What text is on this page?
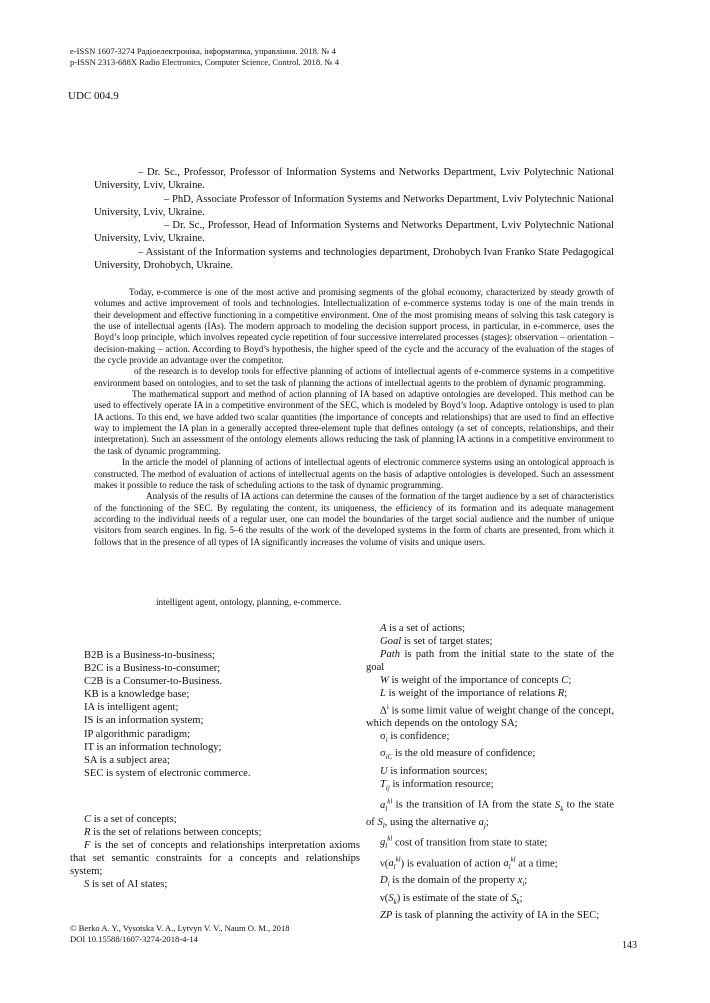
e-ISSN 1607-3274 Радіоелектроніка, інформатика, управління. 2018. № 4
p-ISSN 2313-688X Radio Electronics, Computer Science, Control. 2018. № 4
UDC 004.9

– Dr. Sc., Professor, Professor of Information Systems and Networks Department, Lviv Polytechnic National University, Lviv, Ukraine.

– PhD, Associate Professor of Information Systems and Networks Department, Lviv Polytechnic National University, Lviv, Ukraine.

– Dr. Sc., Professor, Head of Information Systems and Networks Department, Lviv Polytechnic National University, Lviv, Ukraine.

– Assistant of the Information systems and technologies department, Drohobych Ivan Franko State Pedagogical University, Drohobych, Ukraine.

Today, e-commerce is one of the most active and promising segments of the global economy, characterized by steady growth of volumes and active improvement of tools and technologies. Intellectualization of e-commerce systems today is one of the main trends in their development and effective functioning in a competitive environment. One of the most promising means of solving this task category is the use of intellectual agents (IAs). The modern approach to modeling the decision support process, in particular, in e-commerce, uses the Boyd’s loop principle, which involves repeated cycle repetition of four successive interrelated processes (stages): observation – orientation – decision-making – action. According to Boyd’s hypothesis, the higher speed of the cycle and the accuracy of the evaluation of the stages of the cycle provide an advantage over the competitor.

of the research is to develop tools for effective planning of actions of intellectual agents of e-commerce systems in a competitive environment based on ontologies, and to set the task of planning the actions of intellectual agents to the problem of dynamic programming.

The mathematical support and method of action planning of IA based on adaptive ontologies are developed. This method can be used to effectively operate IA in a competitive environment of the SEC, which is modeled by Boyd’s loop. Adaptive ontology is used to plan IA actions. To this end, we have added two scalar quantities (the importance of concepts and relationships) that are used to find an effective way to implement the IA plan in a generally accepted three-element tuple that defines ontology (a set of concepts, relationships, and their interpretation). Such an assessment of the ontology elements allows reducing the task of planning IA actions in a competitive environment to the task of dynamic programming.

In the article the model of planning of actions of intellectual agents of electronic commerce systems using an ontological approach is constructed. The method of evaluation of actions of intellectual agents on the basis of adaptive ontologies is developed. Such an assessment makes it possible to reduce the task of scheduling actions to the task of dynamic programming.

Analysis of the results of IA actions can determine the causes of the formation of the target audience by a set of characteristics of the functioning of the SEC. By regulating the content, its uniqueness, the efficiency of its formation and its adequate management according to the individual needs of a regular user, one can model the boundaries of the target social audience and the number of unique visitors from search engines. In fig. 5–6 the results of the work of the developed systems in the form of charts are presented, from which it follows that in the presence of all types of IA significantly increases the volume of visits and unique users.

intelligent agent, ontology, planning, e-commerce.

B2B is a Business-to-business;

B2C is a Business-to-consumer;

C2B is a Consumer-to-Business.

KB is a knowledge base;

IA is intelligent agent;

IS is an information system;

IP algorithmic paradigm;

IT is an information technology;

SA is a subject area;

SEC is system of electronic commerce.

C is a set of concepts;

R is the set of relations between concepts;

F is the set of concepts and relationships interpretation axioms that set semantic constraints for a concepts and relationships system;

S is set of AI states;

A is a set of actions;

Goal is set of target states;

Path is path from the initial state to the state of the goal

W is weight of the importance of concepts C;

L is weight of the importance of relations R;

$\Delta^i$ is some limit value of weight change of the concept, which depends on the ontology SA;

$\sigma_i$ is confidence;

$\sigma_{iC}$ is the old measure of confidence;

U is information sources;

$T_{ij}$ is information resource;

$a_l^{kl}$ is the transition of IA from the state $S_k$ to the state of $S_l$, using the alternative $a_j$;

$g_l^{kl}$ cost of transition from state to state;

$\nu(a_l^{kl})$ is evaluation of action $a_l^{kl}$ at a time;

$D_i$ is the domain of the property $x_i$;

$\nu(S_k)$ is estimate of the state of $S_k$;

ZP is task of planning the activity of IA in the SEC;

© Berko A. Y., Vysotska V. A., Lytvyn V. V., Naum O. M., 2018
DOI 10.15588/1607-3274-2018-4-14
143
